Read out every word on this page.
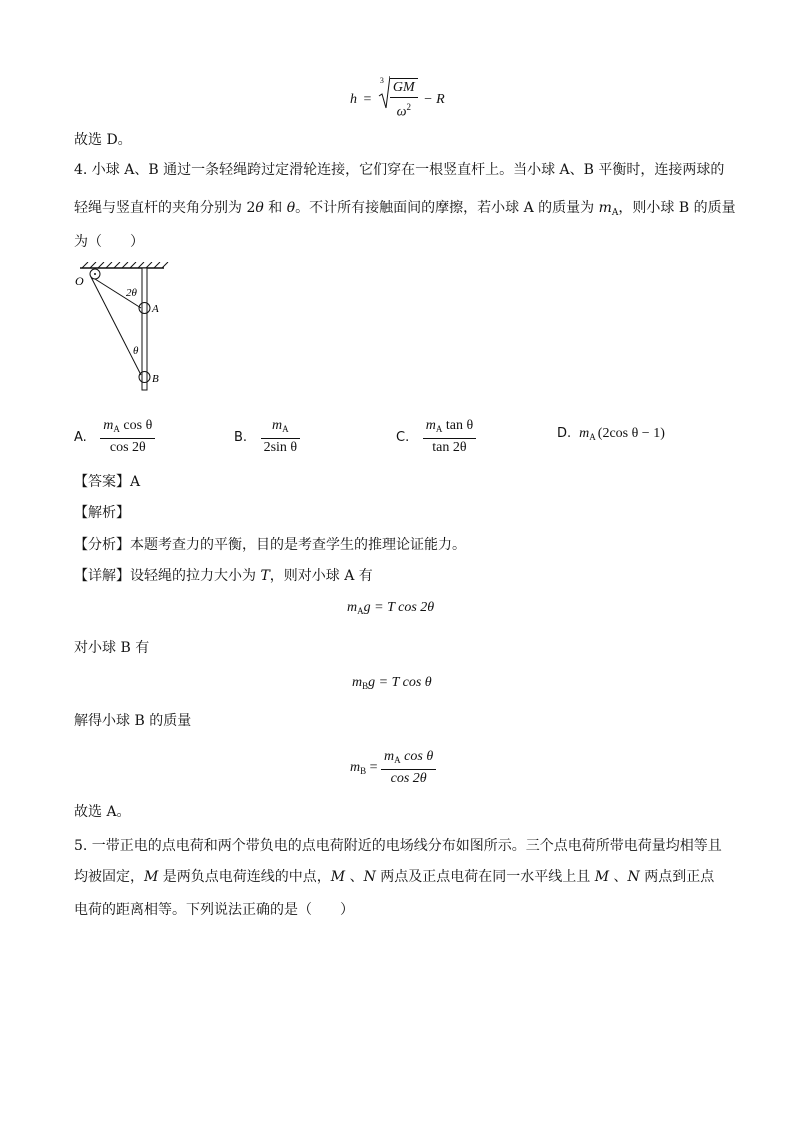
h =
$3 \frac{GM}{\omega^2} - R$
故选 D。
4. 小球 A、B 通过一条轻绳跨过定滑轮连接，它们穿在一根竖直杆上。当小球 A、B 平衡时，连接两球的
轻绳与竖直杆的夹角分别为 2θ 和 θ。不计所有接触面间的摩擦，若小球 A 的质量为 $m_A$，则小球 B 的质量
为（　　）
O
2θ
A
θ
B
A. $\frac{m_A \cos \theta}{\cos 2\theta}$	B. $\frac{m_A}{\text{2sin θ}}$	C. $\frac{m_A \tan \theta}{\tan 2\theta}$	D. $m_A$ (2cos θ − 1)
【答案】A
【解析】
【分析】本题考查力的平衡，目的是考查学生的推理论证能力。
【详解】设轻绳的拉力大小为 T，则对小球 A 有
$m_Ag = T$ cos 2θ
对小球 B 有
$m_Bg = T$ cos θ
解得小球 B 的质量
$m_B = \frac{m_A \cos \theta}{\cos 2\theta}$
故选 A。
5. 一带正电的点电荷和两个带负电的点电荷附近的电场线分布如图所示。三个点电荷所带电荷量均相等且
均被固定，M 是两负点电荷连线的中点，M 、N 两点及正点电荷在同一水平线上且 M 、N 两点到正点
电荷的距离相等。下列说法正确的是（　　）
